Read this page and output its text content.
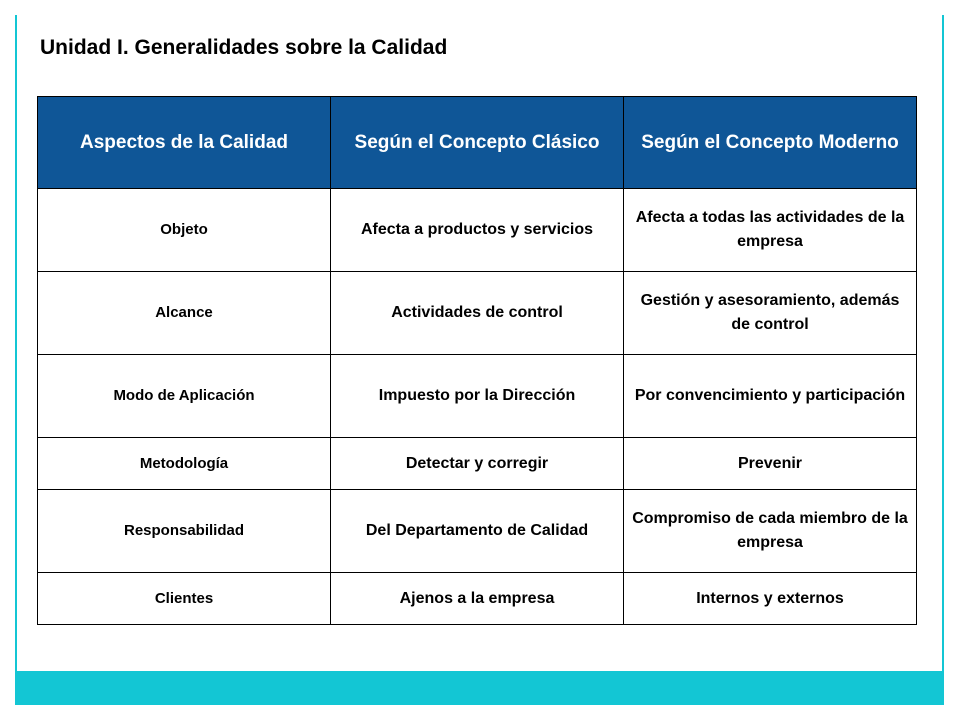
Unidad I. Generalidades sobre la Calidad
Aspectos de la Calidad	Según el Concepto Clásico	Según el Concepto Moderno
Objeto	Afecta a productos y servicios	Afecta a todas las actividades de la empresa
Alcance	Actividades de control	Gestión y asesoramiento, además de control
Modo de Aplicación	Impuesto por la Dirección	Por convencimiento y participación
Metodología	Detectar y corregir	Prevenir
Responsabilidad	Del Departamento de Calidad	Compromiso de cada miembro de la empresa
Clientes	Ajenos a la empresa	Internos y externos
